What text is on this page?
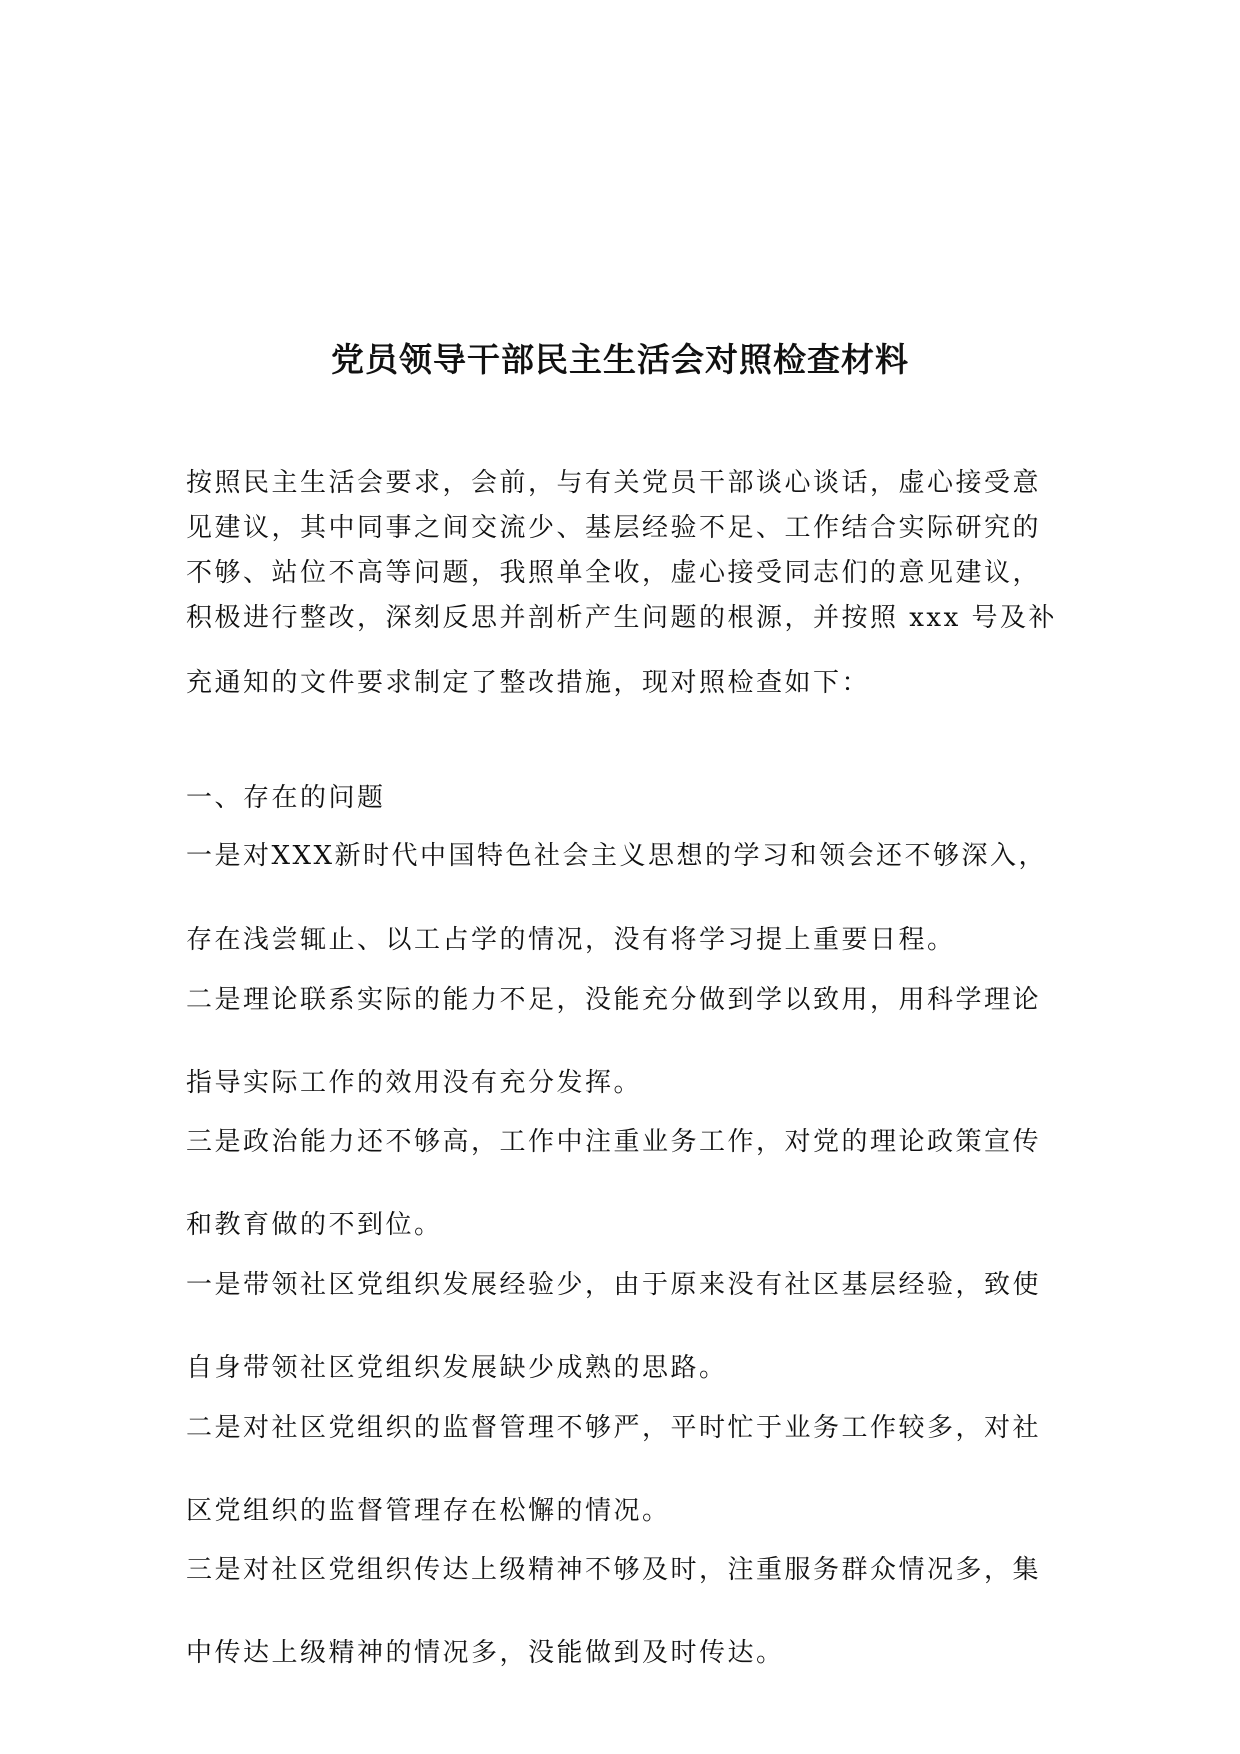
党员领导干部民主生活会对照检查材料
按照民主生活会要求，会前，与有关党员干部谈心谈话，虚心接受意
见建议，其中同事之间交流少、基层经验不足、工作结合实际研究的
不够、站位不高等问题，我照单全收，虚心接受同志们的意见建议，
积极进行整改，深刻反思并剖析产生问题的根源，并按照 xxx 号及补
充通知的文件要求制定了整改措施，现对照检查如下：
一、存在的问题
一是对XXX新时代中国特色社会主义思想的学习和领会还不够深入，
存在浅尝辄止、以工占学的情况，没有将学习提上重要日程。
二是理论联系实际的能力不足，没能充分做到学以致用，用科学理论
指导实际工作的效用没有充分发挥。
三是政治能力还不够高，工作中注重业务工作，对党的理论政策宣传
和教育做的不到位。
一是带领社区党组织发展经验少，由于原来没有社区基层经验，致使
自身带领社区党组织发展缺少成熟的思路。
二是对社区党组织的监督管理不够严，平时忙于业务工作较多，对社
区党组织的监督管理存在松懈的情况。
三是对社区党组织传达上级精神不够及时，注重服务群众情况多，集
中传达上级精神的情况多，没能做到及时传达。
